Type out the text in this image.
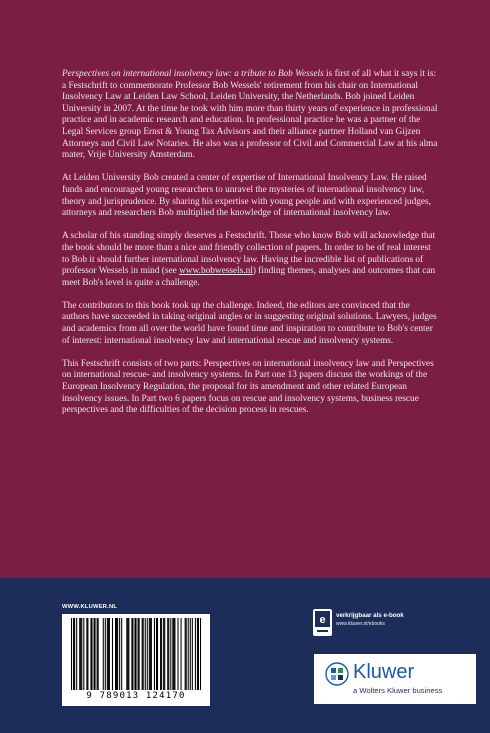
Perspectives on international insolvency law: a tribute to Bob Wessels is first of all what it says it is: a Festschrift to commemorate Professor Bob Wessels' retirement from his chair on International Insolvency Law at Leiden Law School, Leiden University, the Netherlands. Bob joined Leiden University in 2007. At the time he took with him more than thirty years of experience in professional practice and in academic research and education. In professional practice he was a partner of the Legal Services group Ernst & Young Tax Advisors and their alliance partner Holland van Gijzen Attorneys and Civil Law Notaries. He also was a professor of Civil and Commercial Law at his alma mater, Vrije University Amsterdam.

At Leiden University Bob created a center of expertise of International Insolvency Law. He raised funds and encouraged young researchers to unravel the mysteries of international insolvency law, theory and jurisprudence. By sharing his expertise with young people and with experienced judges, attorneys and researchers Bob multiplied the knowledge of international insolvency law.

A scholar of his standing simply deserves a Festschrift. Those who know Bob will acknowledge that the book should be more than a nice and friendly collection of papers. In order to be of real interest to Bob it should further international insolvency law. Having the incredible list of publications of professor Wessels in mind (see www.bobwessels.nl) finding themes, analyses and outcomes that can meet Bob's level is quite a challenge.

The contributors to this book took up the challenge. Indeed, the editors are convinced that the authors have succeeded in taking original angles or in suggesting original solutions. Lawyers, judges and academics from all over the world have found time and inspiration to contribute to Bob's center of interest: international insolvency law and international rescue and insolvency systems.

This Festschrift consists of two parts: Perspectives on international insolvency law and Perspectives on international rescue- and insolvency systems. In Part one 13 papers discuss the workings of the European Insolvency Regulation, the proposal for its amendment and other related European insolvency issues. In Part two 6 papers focus on rescue and insolvency systems, business rescue perspectives and the difficulties of the decision process in rescues.

WWW.KLUWER.NL
9 789013 124170
e verkrijgbaar als e-book
www.kluwer.nl/ebooks
Kluwer
a Wolters Kluwer business
